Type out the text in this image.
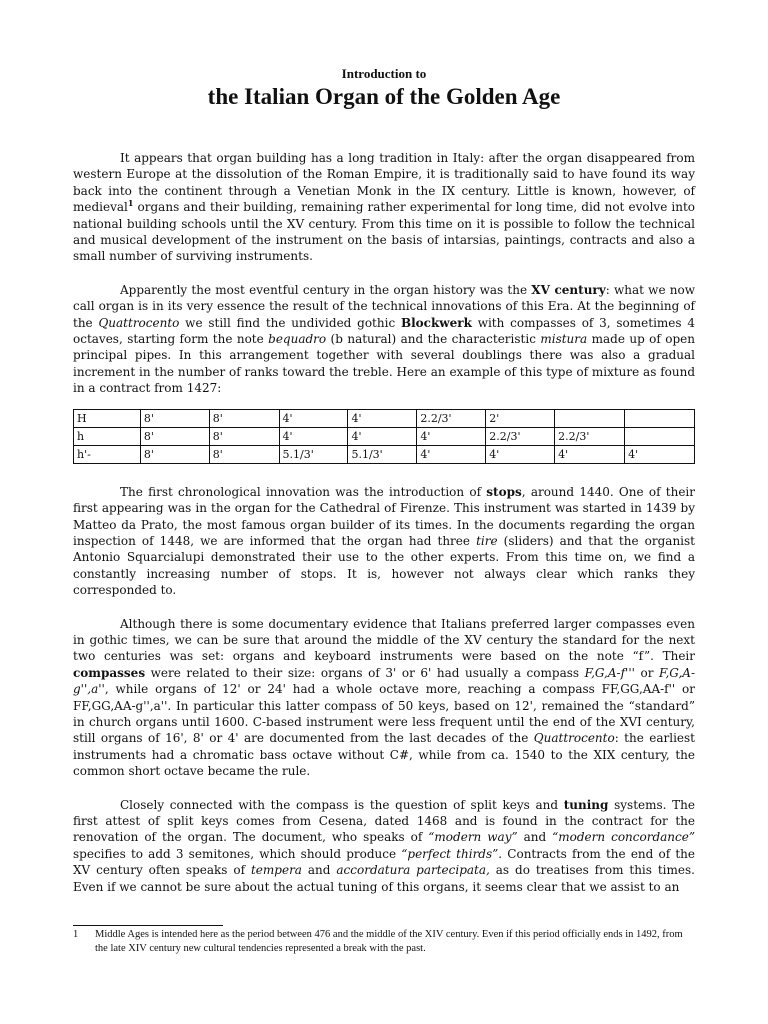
Introduction to
the Italian Organ of the Golden Age

It appears that organ building has a long tradition in Italy: after the organ disappeared from western Europe at the dissolution of the Roman Empire, it is traditionally said to have found its way back into the continent through a Venetian Monk in the IX century. Little is known, however, of medieval$^1$ organs and their building, remaining rather experimental for long time, did not evolve into national building schools until the XV century. From this time on it is possible to follow the technical and musical development of the instrument on the basis of intarsias, paintings, contracts and also a small number of surviving instruments.

Apparently the most eventful century in the organ history was the XV century: what we now call organ is in its very essence the result of the technical innovations of this Era. At the beginning of the Quattrocento we still find the undivided gothic Blockwerk with compasses of 3, sometimes 4 octaves, starting form the note bequadro (b natural) and the characteristic mistura made up of open principal pipes. In this arrangement together with several doublings there was also a gradual increment in the number of ranks toward the treble. Here an example of this type of mixture as found in a contract from 1427:

H	8'	8'	4'	4'	2.2/3'	2'		
h	8'	8'	4'	4'	4'	2.2/3'	2.2/3'	
h'-	8'	8'	5.1/3'	5.1/3'	4'	4'	4'	4'

The first chronological innovation was the introduction of stops, around 1440. One of their first appearing was in the organ for the Cathedral of Firenze. This instrument was started in 1439 by Matteo da Prato, the most famous organ builder of its times. In the documents regarding the organ inspection of 1448, we are informed that the organ had three tire (sliders) and that the organist Antonio Squarcialupi demonstrated their use to the other experts. From this time on, we find a constantly increasing number of stops. It is, however not always clear which ranks they corresponded to.

Although there is some documentary evidence that Italians preferred larger compasses even in gothic times, we can be sure that around the middle of the XV century the standard for the next two centuries was set: organs and keyboard instruments were based on the note “f”. Their compasses were related to their size: organs of 3' or 6' had usually a compass F,G,A-f''' or F,G,A-g'',a'', while organs of 12' or 24' had a whole octave more, reaching a compass FF,GG,AA-f'' or FF,GG,AA-g'',a''. In particular this latter compass of 50 keys, based on 12', remained the “standard” in church organs until 1600. C-based instrument were less frequent until the end of the XVI century, still organs of 16', 8' or 4' are documented from the last decades of the Quattrocento: the earliest instruments had a chromatic bass octave without C#, while from ca. 1540 to the XIX century, the common short octave became the rule.

Closely connected with the compass is the question of split keys and tuning systems. The first attest of split keys comes from Cesena, dated 1468 and is found in the contract for the renovation of the organ. The document, who speaks of “modern way” and “modern concordance” specifies to add 3 semitones, which should produce “perfect thirds”. Contracts from the end of the XV century often speaks of tempera and accordatura partecipata, as do treatises from this times. Even if we cannot be sure about the actual tuning of this organs, it seems clear that we assist to an

1	Middle Ages is intended here as the period between 476 and the middle of the XIV century. Even if this period officially ends in 1492, from the late XIV century new cultural tendencies represented a break with the past.
